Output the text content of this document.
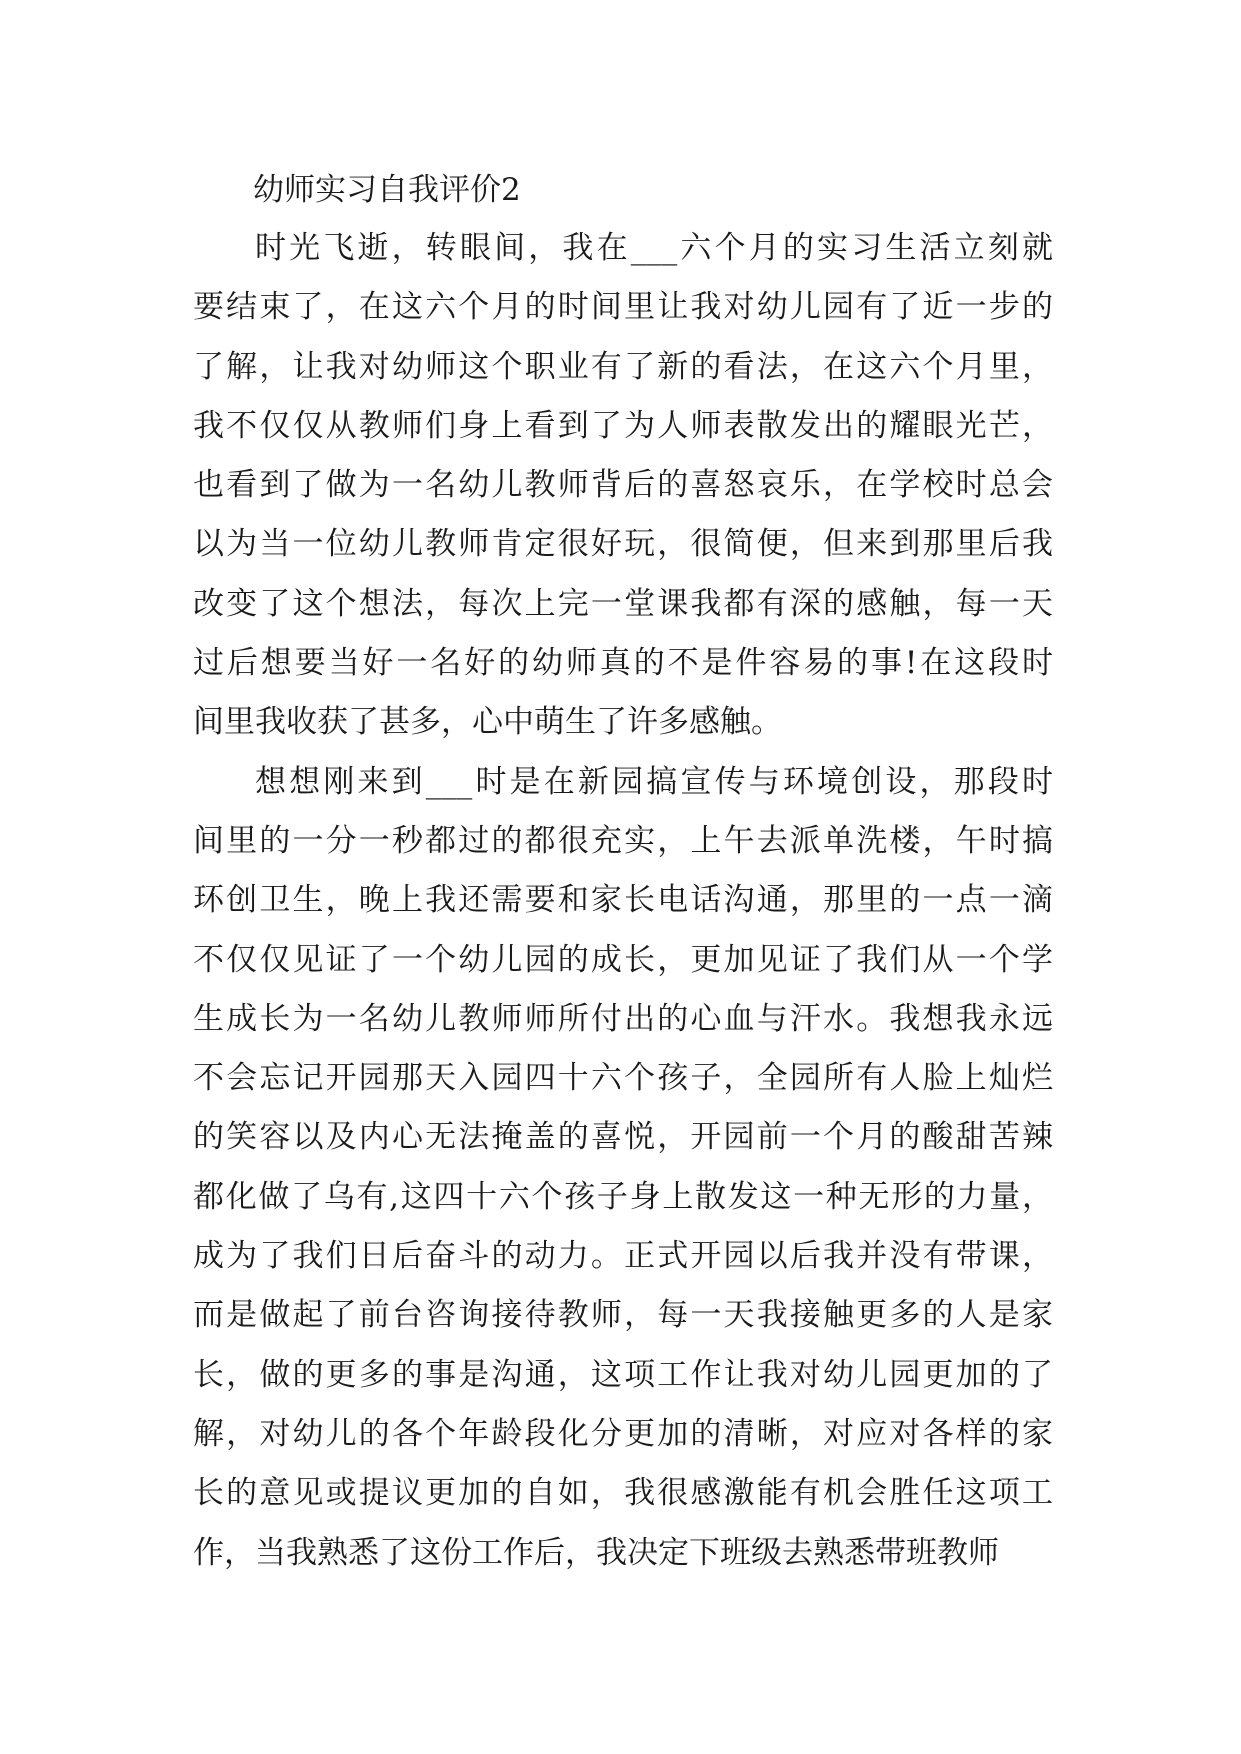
幼师实习自我评价2
时光飞逝，转眼间，我在___六个月的实习生活立刻就
要结束了，在这六个月的时间里让我对幼儿园有了近一步的
了解，让我对幼师这个职业有了新的看法，在这六个月里，
我不仅仅从教师们身上看到了为人师表散发出的耀眼光芒，
也看到了做为一名幼儿教师背后的喜怒哀乐，在学校时总会
以为当一位幼儿教师肯定很好玩，很简便，但来到那里后我
改变了这个想法，每次上完一堂课我都有深的感触，每一天
过后想要当好一名好的幼师真的不是件容易的事!在这段时
间里我收获了甚多，心中萌生了许多感触。
想想刚来到___时是在新园搞宣传与环境创设，那段时
间里的一分一秒都过的都很充实，上午去派单洗楼，午时搞
环创卫生，晚上我还需要和家长电话沟通，那里的一点一滴
不仅仅见证了一个幼儿园的成长，更加见证了我们从一个学
生成长为一名幼儿教师师所付出的心血与汗水。我想我永远
不会忘记开园那天入园四十六个孩子，全园所有人脸上灿烂
的笑容以及内心无法掩盖的喜悦，开园前一个月的酸甜苦辣
都化做了乌有,这四十六个孩子身上散发这一种无形的力量，
成为了我们日后奋斗的动力。正式开园以后我并没有带课，
而是做起了前台咨询接待教师，每一天我接触更多的人是家
长，做的更多的事是沟通，这项工作让我对幼儿园更加的了
解，对幼儿的各个年龄段化分更加的清晰，对应对各样的家
长的意见或提议更加的自如，我很感激能有机会胜任这项工
作，当我熟悉了这份工作后，我决定下班级去熟悉带班教师
